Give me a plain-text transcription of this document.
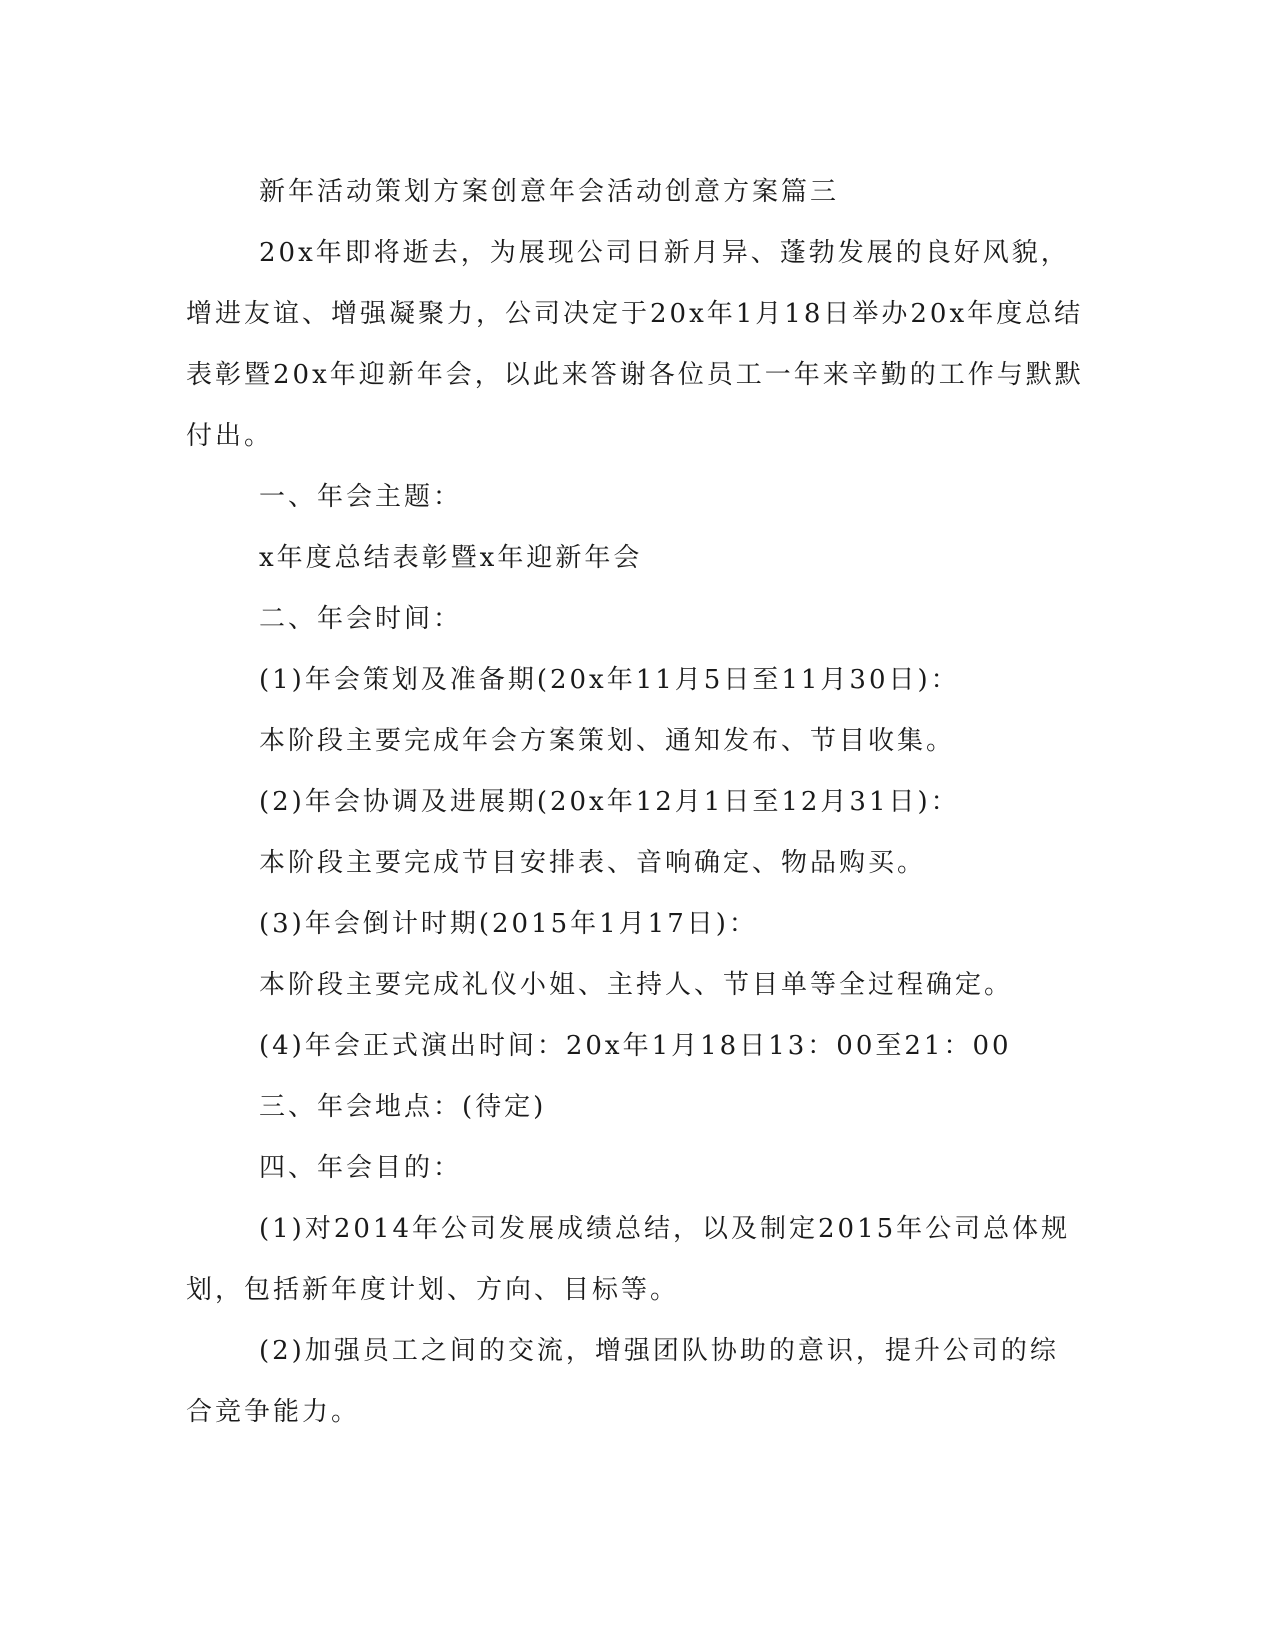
新年活动策划方案创意年会活动创意方案篇三

20x年即将逝去，为展现公司日新月异、蓬勃发展的良好风貌，增进友谊、增强凝聚力，公司决定于20x年1月18日举办20x年度总结表彰暨20x年迎新年会，以此来答谢各位员工一年来辛勤的工作与默默付出。

一、年会主题：

x年度总结表彰暨x年迎新年会

二、年会时间：

(1)年会策划及准备期(20x年11月5日至11月30日)：

本阶段主要完成年会方案策划、通知发布、节目收集。

(2)年会协调及进展期(20x年12月1日至12月31日)：

本阶段主要完成节目安排表、音响确定、物品购买。

(3)年会倒计时期(2015年1月17日)：

本阶段主要完成礼仪小姐、主持人、节目单等全过程确定。

(4)年会正式演出时间：20x年1月18日13：00至21：00

三、年会地点：(待定)

四、年会目的：

(1)对2014年公司发展成绩总结，以及制定2015年公司总体规划，包括新年度计划、方向、目标等。

(2)加强员工之间的交流，增强团队协助的意识，提升公司的综合竞争能力。
